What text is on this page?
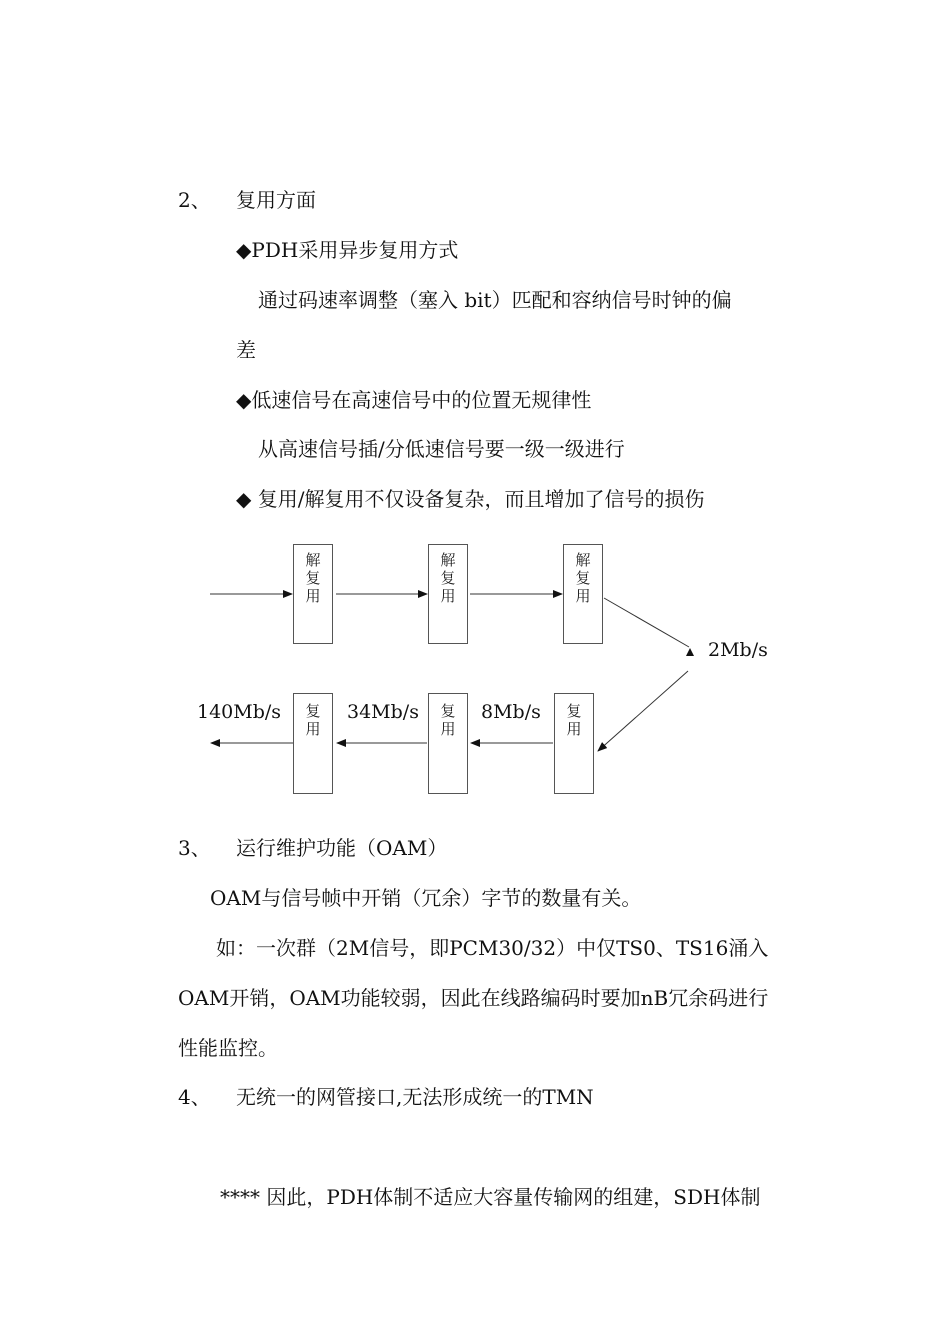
2、 复用方面
◆PDH采用异步复用方式
通过码速率调整（塞入 bit）匹配和容纳信号时钟的偏
差
◆低速信号在高速信号中的位置无规律性
从高速信号插/分低速信号要一级一级进行
◆ 复用/解复用不仅设备复杂，而且增加了信号的损伤
解
复
用
解
复
用
解
复
用
复
用
复
用
复
用
2Mb/s
140Mb/s	34Mb/s	8Mb/s
3、 运行维护功能（OAM）
OAM与信号帧中开销（冗余）字节的数量有关。
如：一次群（2M信号，即PCM30/32）中仅TS0、TS16涌入
OAM开销，OAM功能较弱，因此在线路编码时要加nB冗余码进行
性能监控。
4、 无统一的网管接口,无法形成统一的TMN
**** 因此，PDH体制不适应大容量传输网的组建，SDH体制
